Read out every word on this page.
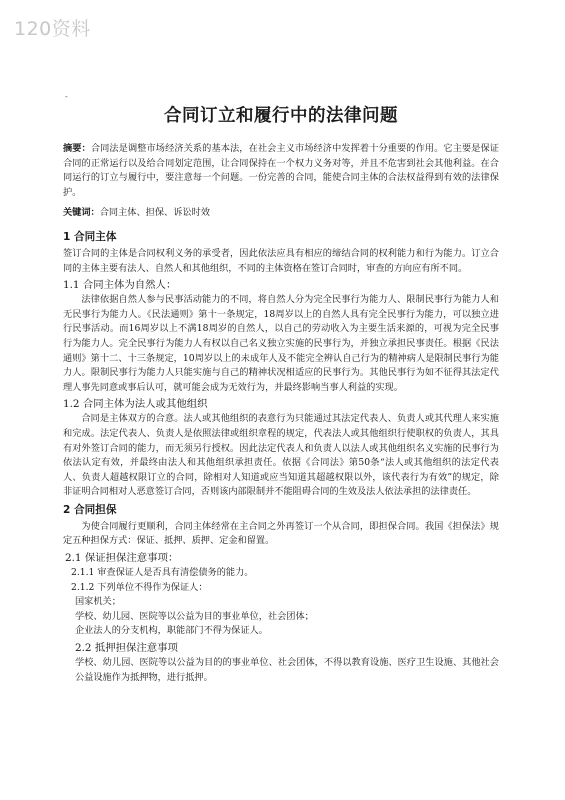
120资料
-
合同订立和履行中的法律问题

摘要：合同法是调整市场经济关系的基本法，在社会主义市场经济中发挥着十分重要的作用。它主要是保证合同的正常运行以及给合同划定范围，让合同保持在一个权力义务对等，并且不危害到社会其他利益。在合同运行的订立与履行中，要注意每一个问题。一份完善的合同，能使合同主体的合法权益得到有效的法律保护。

关键词：合同主体、担保、诉讼时效

1 合同主体

签订合同的主体是合同权利义务的承受者，因此依法应具有相应的缔结合同的权利能力和行为能力。订立合同的主体主要有法人、自然人和其他组织，不同的主体资格在签订合同时，审查的方向应有所不同。

1.1 合同主体为自然人：

法律依据自然人参与民事活动能力的不同，将自然人分为完全民事行为能力人、限制民事行为能力人和无民事行为能力人。《民法通则》第十一条规定，18周岁以上的自然人具有完全民事行为能力，可以独立进行民事活动。而16周岁以上不满18周岁的自然人，以自己的劳动收入为主要生活来源的，可视为完全民事行为能力人。完全民事行为能力人有权以自己名义独立实施的民事行为，并独立承担民事责任。根据《民法通则》第十二、十三条规定，10周岁以上的未成年人及不能完全辨认自己行为的精神病人是限制民事行为能力人。限制民事行为能力人只能实施与自己的精神状况相适应的民事行为。其他民事行为如不征得其法定代理人事先同意或事后认可，就可能会成为无效行为，并最终影响当事人利益的实现。

1.2 合同主体为法人或其他组织

合同是主体双方的合意。法人或其他组织的表意行为只能通过其法定代表人、负责人或其代理人来实施和完成。法定代表人、负责人是依照法律或组织章程的规定，代表法人或其他组织行使职权的负责人，其具有对外签订合同的能力，而无须另行授权。因此法定代表人和负责人以法人或其他组织名义实施的民事行为依法认定有效，并最终由法人和其他组织承担责任。依据《合同法》第50条“法人或其他组织的法定代表人、负责人超越权限订立的合同，除相对人知道或应当知道其超越权限以外，该代表行为有效”的规定，除非证明合同相对人恶意签订合同，否则该内部限制并不能阻碍合同的生效及法人依法承担的法律责任。

2 合同担保

为使合同履行更顺利，合同主体经常在主合同之外再签订一个从合同，即担保合同。我国《担保法》规定五种担保方式：保证、抵押、质押、定金和留置。

2.1 保证担保注意事项：

2.1.1 审查保证人是否具有清偿债务的能力。

2.1.2 下列单位不得作为保证人：

国家机关；

学校、幼儿园、医院等以公益为目的事业单位，社会团体；

企业法人的分支机构，职能部门不得为保证人。

2.2 抵押担保注意事项

学校、幼儿园、医院等以公益为目的的事业单位、社会团体，不得以教育设施、医疗卫生设施、其他社会公益设施作为抵押物，进行抵押。
